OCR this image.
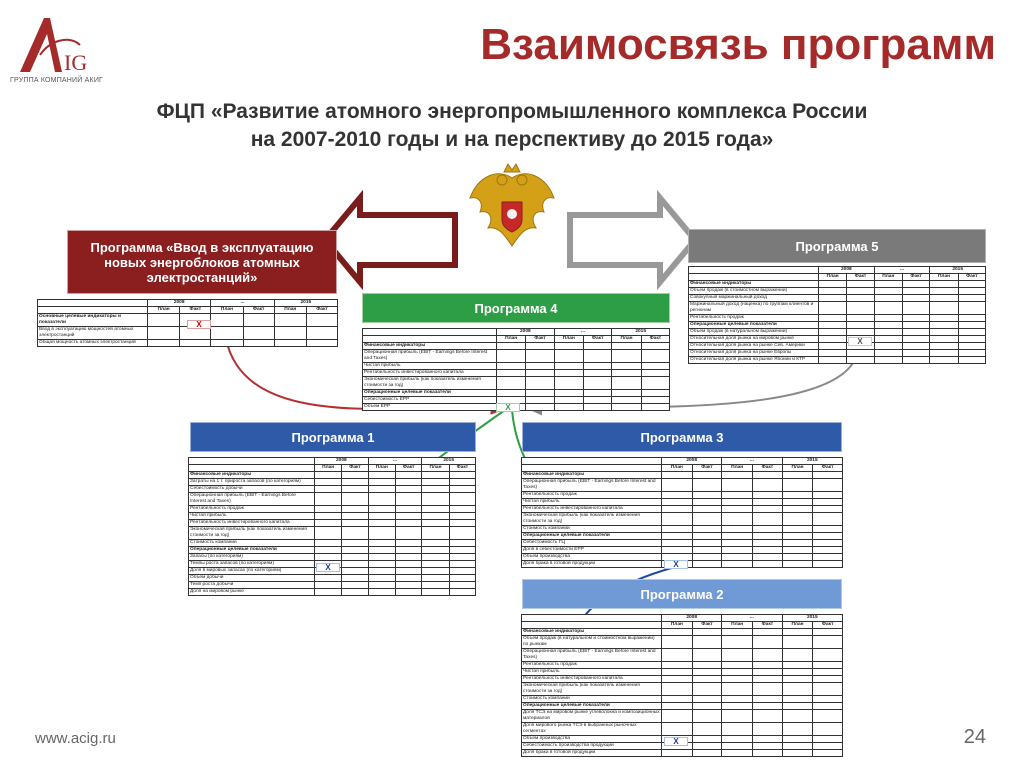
IG
ГРУППА КОМПАНИЙ АКИГ
Взаимосвязь программ
ФЦП «Развитие атомного энергопромышленного комплекса России
на 2007-2010 годы и на перспективу до 2015 года»
Программа «Ввод в эксплуатацию новых энергоблоков атомных электростанций»
	2008		...		2015	
	План	Факт	План	Факт	План	Факт
Основные целевые индикаторы и показатели						
Ввод в эксплуатацию мощностей атомных электростанций						
Общая мощность атомных электростанций						
X
Программа 5
	2008		...		2015	
	План	Факт	План	Факт	План	Факт
Финансовые индикаторы						
Объем продаж (в стоимостном выражении)						
Совокупный маржинальный доход						
Маржинальный доход (наценка) по группам клиентов и регионам						
Рентабельность продаж						
Операционные целевые показатели						
Объем продаж (в натуральном выражении)						
Относительная доля рынка на мировом рынке						
Относительная доля рынка на рынке Сев. Америки						
Относительная доля рынка на рынке Европы						
Относительная доля рынка на рынке Японии и КТР						
X
Программа 4
	2008		...		2015	
	План	Факт	План	Факт	План	Факт
Финансовые индикаторы						
Операционная прибыль (EBIT - Earnings Before Interest and Taxes)						
Чистая прибыль						
Рентабельность инвестированного капитала						
Экономическая прибыль (как показатель изменения стоимости за год)						
Операционные целевые показатели						
Себестоимость ЕРР						
Объем ЕРР							X
Программа 1
	2008		...		2015	
	План	Факт	План	Факт	План	Факт
Финансовые индикаторы						
Затраты на 1 т. прироста запасов (по категориям)						
Себестоимость добычи						
Операционная прибыль (EBIT - Earnings Before Interest and Taxes)						
Рентабельность продаж						
Чистая прибыль						
Рентабельность инвестированного капитала						
Экономическая прибыль (как показатель изменения стоимости за год)						
Стоимость компании						
Операционные целевые показатели						
Запасы (по категориям)						
Темпы роста запасов (по категориям)						
Доля в мировых запасах (по категориям)						
Объем добычи						
Темп роста добычи						
Доля на мировом рынке						
X
Программа 3
	2008		...		2015	
	План	Факт	План	Факт	План	Факт
Финансовые индикаторы						
Операционная прибыль (EBIT - Earnings Before Interest and Taxes)						
Рентабельность продаж						
Чистая прибыль						
Рентабельность инвестированного капитала						
Экономическая прибыль (как показатель изменения стоимости за год)						
Стоимость компании						
Операционные целевые показатели						
Себестоимость ГЦ						
Доля в себестоимости ЕРР						
Объем производства						
Доля брака в готовой продукции							X
Программа 2
	2008		...		2015	
	План	Факт	План	Факт	План	Факт
Финансовые индикаторы						
Объем продаж (в натуральном и стоимостном выражении) по рынкам						
Операционная прибыль (EBIT - Earnings Before Interest and Taxes)						
Рентабельность продаж						
Чистая прибыль						
Рентабельность инвестированного капитала						
Экономическая прибыль (как показатель изменения стоимости за год)						
Стоимость компании						
Операционные целевые показатели						
Доля ТСЭ на мировом рынке углеволокна и композиционных материалов						
Доля мирового рынка ТСЭ в выбранных рыночных сегментах						
Объем производства						
Себестоимость производства продукции						
Доля брака в готовой продукции						
X
www.acig.ru	24
